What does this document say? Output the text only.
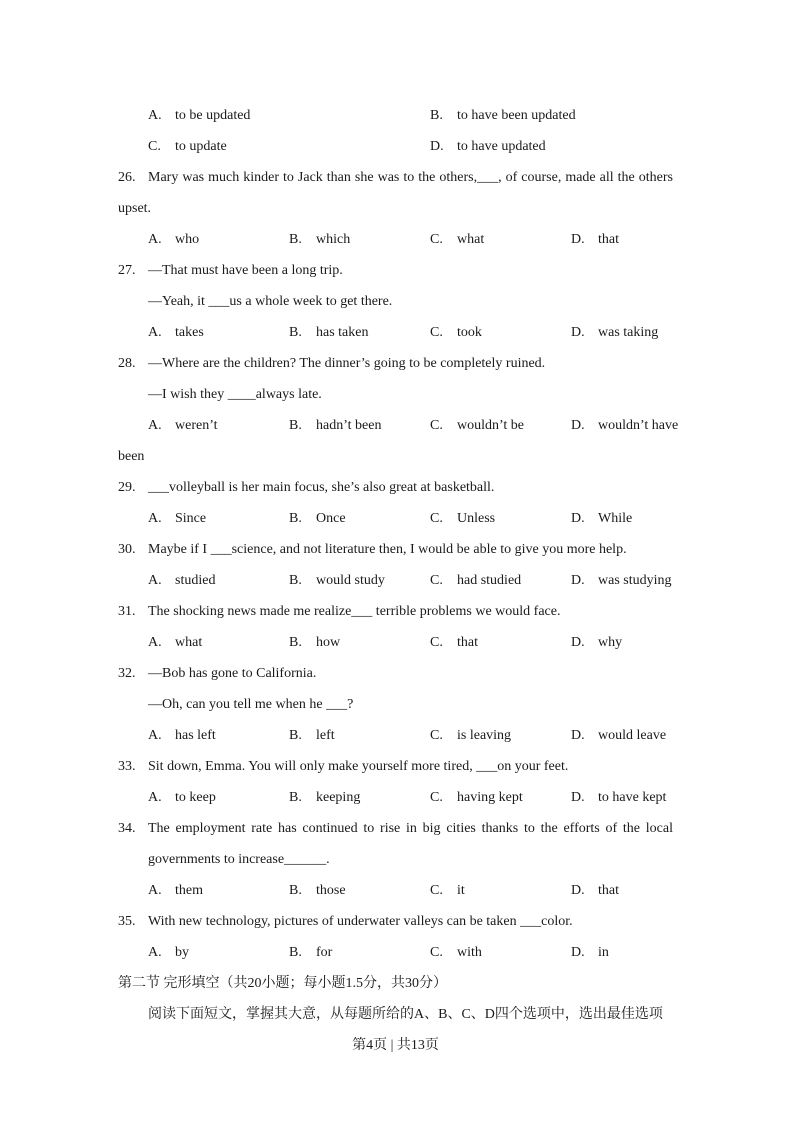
A. to be updated	B. to have been updated
C. to update	D. to have updated
26. Mary was much kinder to Jack than she was to the others,___, of course, made all the others
upset.
A. who	B. which	C. what	D. that
27. —That must have been a long trip.
—Yeah, it ___us a whole week to get there.
A. takes	B. has taken	C. took	D. was taking
28. —Where are the children? The dinner’s going to be completely ruined.
—I wish they ____always late.
A. weren’t	B. hadn’t been	C. wouldn’t be	D. wouldn’t have
been
29. ___volleyball is her main focus, she’s also great at basketball.
A. Since	B. Once	C. Unless	D. While
30. Maybe if I ___science, and not literature then, I would be able to give you more help.
A. studied	B. would study	C. had studied	D. was studying
31. The shocking news made me realize___ terrible problems we would face.
A. what	B. how	C. that	D. why
32. —Bob has gone to California.
—Oh, can you tell me when he ___?
A. has left	B. left	C. is leaving	D. would leave
33. Sit down, Emma. You will only make yourself more tired, ___on your feet.
A. to keep	B. keeping	C. having kept	D. to have kept
34. The employment rate has continued to rise in big cities thanks to the efforts of the local
governments to increase______.
A. them	B. those	C. it	D. that
35. With new technology, pictures of underwater valleys can be taken ___color.
A. by	B. for	C. with	D. in
第二节 完形填空（共20小题；每小题1.5分，共30分）
阅读下面短文，掌握其大意，从每题所给的A、B、C、D四个选项中，选出最佳选项
第4页 | 共13页
